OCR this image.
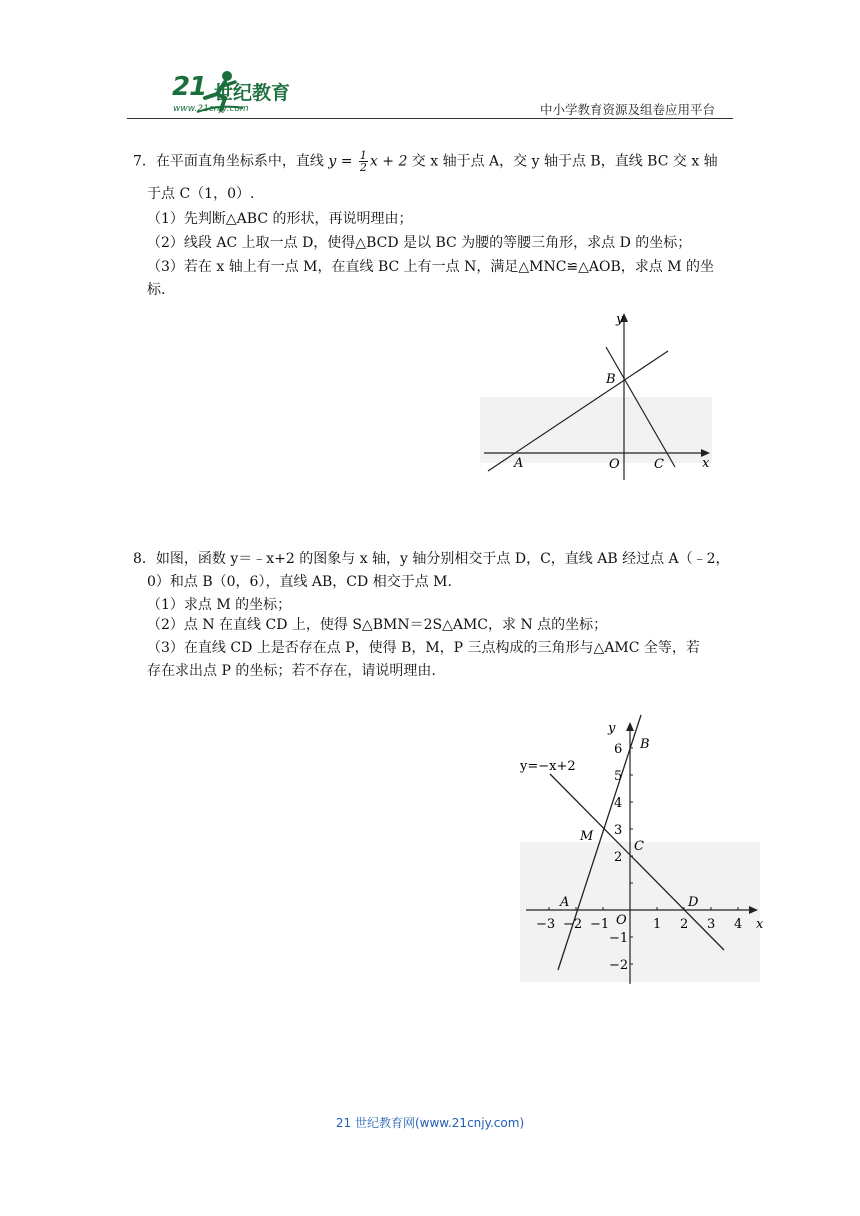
21 世纪教育
www.21cnjy.com	中小学教育资源及组卷应用平台
7．在平面直角坐标系中，直线 $y = \frac{1}{2}$ x + 2 交 x 轴于点 A，交 y 轴于点 B，直线 BC 交 x 轴
于点 C（1，0）.
（1）先判断△ABC 的形状，再说明理由；
（2）线段 AC 上取一点 D，使得△BCD 是以 BC 为腰的等腰三角形，求点 D 的坐标；
（3）若在 x 轴上有一点 M，在直线 BC 上有一点 N，满足△MNC≌△AOB，求点 M 的坐
标.
y
x
B
A	O	C
8．如图，函数 y＝﹣x+2 的图象与 x 轴，y 轴分别相交于点 D，C，直线 AB 经过点 A（﹣2，
0）和点 B（0，6），直线 AB，CD 相交于点 M.
（1）求点 M 的坐标；
（2）点 N 在直线 CD 上，使得 S△BMN＝2S△AMC，求 N 点的坐标；
（3）在直线 CD 上是否存在点 P，使得 B，M，P 三点构成的三角形与△AMC 全等，若
存在求出点 P 的坐标；若不存在，请说明理由.
y=−x+2
y
x
B
M
C
A	D
O
−3 −2 −1	1 2 3 4
6
5
4
3
2
−1
−2
21 世纪教育网(www.21cnjy.com)
